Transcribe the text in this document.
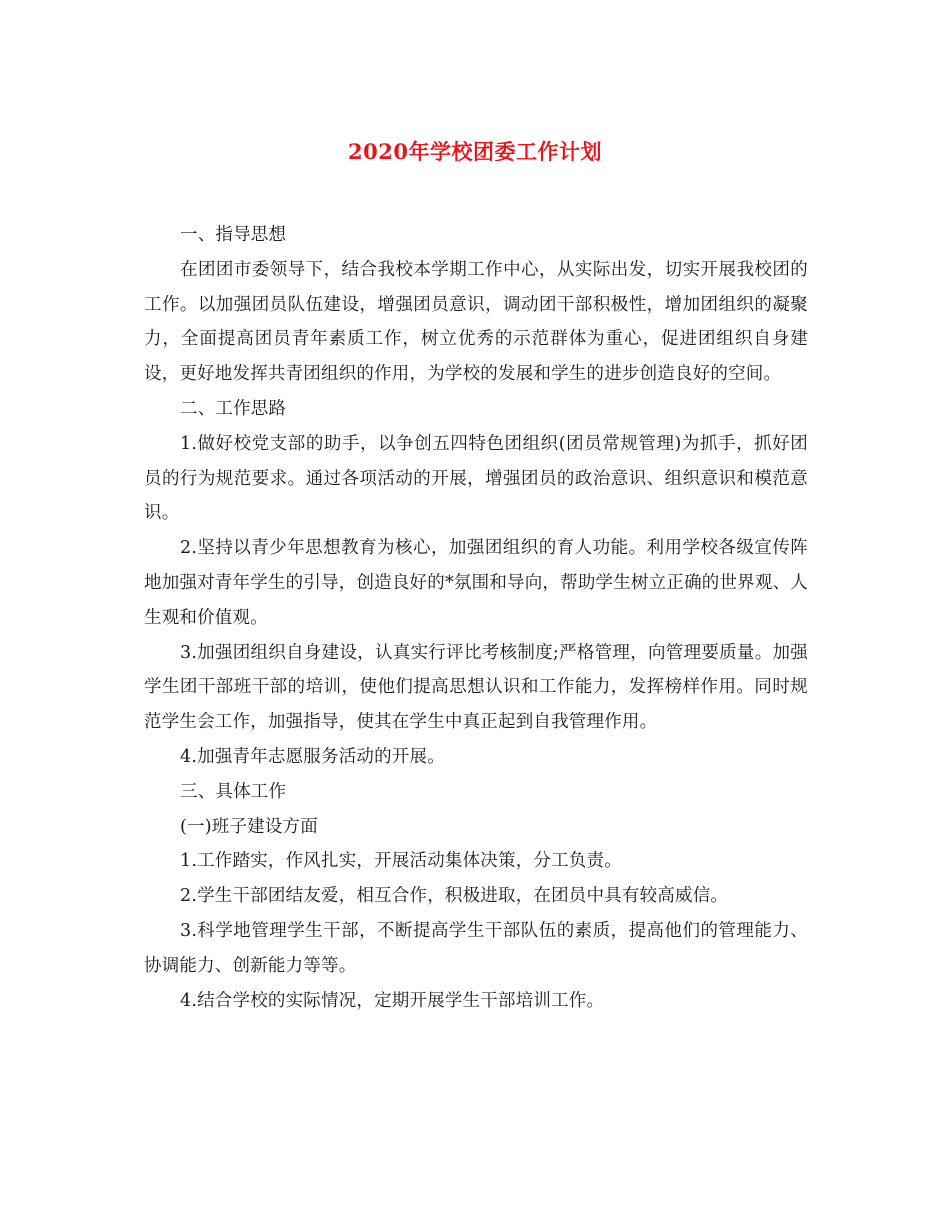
2020年学校团委工作计划

一、指导思想

在团团市委领导下，结合我校本学期工作中心，从实际出发，切实开展我校团的工作。以加强团员队伍建设，增强团员意识，调动团干部积极性，增加团组织的凝聚力，全面提高团员青年素质工作，树立优秀的示范群体为重心，促进团组织自身建设，更好地发挥共青团组织的作用，为学校的发展和学生的进步创造良好的空间。

二、工作思路

1.做好校党支部的助手，以争创五四特色团组织(团员常规管理)为抓手，抓好团员的行为规范要求。通过各项活动的开展，增强团员的政治意识、组织意识和模范意识。

2.坚持以青少年思想教育为核心，加强团组织的育人功能。利用学校各级宣传阵地加强对青年学生的引导，创造良好的*氛围和导向，帮助学生树立正确的世界观、人生观和价值观。

3.加强团组织自身建设，认真实行评比考核制度;严格管理，向管理要质量。加强学生团干部班干部的培训，使他们提高思想认识和工作能力，发挥榜样作用。同时规范学生会工作，加强指导，使其在学生中真正起到自我管理作用。

4.加强青年志愿服务活动的开展。

三、具体工作

(一)班子建设方面

1.工作踏实，作风扎实，开展活动集体决策，分工负责。

2.学生干部团结友爱，相互合作，积极进取，在团员中具有较高威信。

3.科学地管理学生干部，不断提高学生干部队伍的素质，提高他们的管理能力、协调能力、创新能力等等。

4.结合学校的实际情况，定期开展学生干部培训工作。
